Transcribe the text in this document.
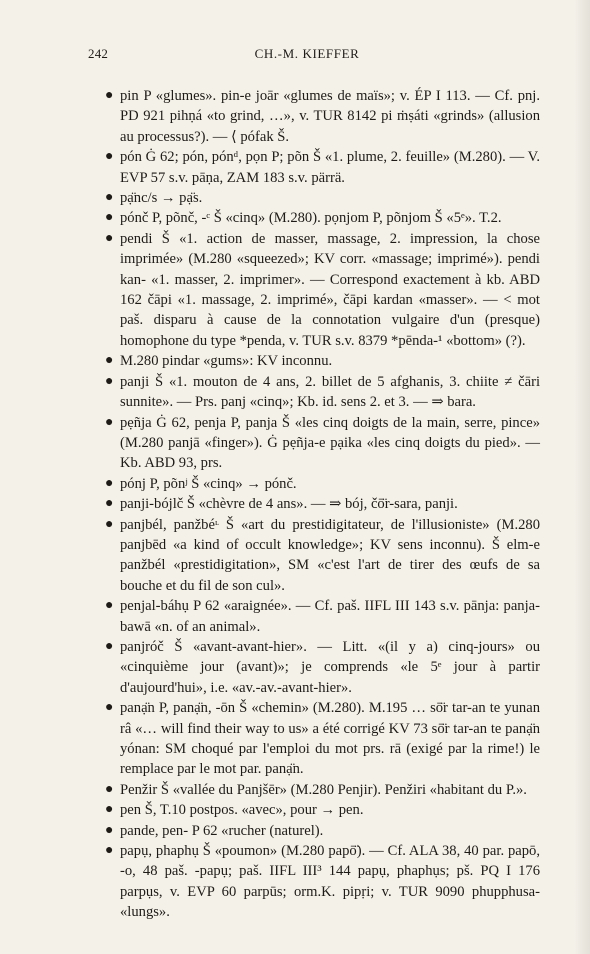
242	CH.-M. KIEFFER
● pin P «glumes». pin-e joār «glumes de maïs»; v. ÉP I 113. — Cf. pnj. PD 921 pihṇá «to grind, …», v. TUR 8142 pi ṁṣáti «grinds» (allusion au processus?). — ⟨ pófak Š.
● pón Ġ 62; pón, pónᵈ, pọn P; põn Š «1. plume, 2. feuille» (M.280). — V. EVP 57 s.v. pāṇa, ZAM 183 s.v. pärrä.
● pạ̈nc/s → pạ̈s.
● pónč P, põnč, -ᶜ Š «cinq» (M.280). pọnjom P, põnjom Š «5ᵉ». T.2.
● pendi Š «1. action de masser, massage, 2. impression, la chose imprimée» (M.280 «squeezed»; KV corr. «massage; imprimé»). pendi kan- «1. masser, 2. imprimer». — Correspond exactement à kb. ABD 162 čāpi «1. massage, 2. imprimé», čāpi kardan «masser». — < mot paš. disparu à cause de la connotation vulgaire d'un (presque) homophone du type *penda, v. TUR s.v. 8379 *pēnda-¹ «bottom» (?).
● M.280 pindar «gums»: KV inconnu.
● panji Š «1. mouton de 4 ans, 2. billet de 5 afghanis, 3. chiite ≠ čāri sunnite». — Prs. panj «cinq»; Kb. id. sens 2. et 3. — ⇒ bara.
● pẹñja Ġ 62, penja P, panja Š «les cinq doigts de la main, serre, pince» (M.280 panjā «finger»). Ġ pẹñja-e pạika «les cinq doigts du pied». — Kb. ABD 93, prs.
● pónj P, põnʲ Š «cinq» → pónč.
● panji-bójlč Š «chèvre de 4 ans». — ⇒ bój, čō̈r-sara, panji.
● panjbél, panžbéᶫ Š «art du prestidigitateur, de l'illusioniste» (M.280 panjbēd «a kind of occult knowledge»; KV sens inconnu). Š elm-e panžbél «prestidigitation», SM «c'est l'art de tirer des œufs de sa bouche et du fil de son cul».
● penjal-báhụ P 62 «araignée». — Cf. paš. IIFL III 143 s.v. pānja: panja-bawā «n. of an animal».
● panjróč Š «avant-avant-hier». — Litt. «(il y a) cinq-jours» ou «cinquième jour (avant)»; je comprends «le 5ᵉ jour à partir d'aujourd'hui», i.e. «av.-av.-avant-hier».
● panạ̈n P, panạ̈n, -ōn Š «chemin» (M.280). M.195 … sō̈r tar-an te yunan râ «… will find their way to us» a été corrigé KV 73 sō̈r tar-an te panạ̈n yónan: SM choqué par l'emploi du mot prs. rā (exigé par la rime!) le remplace par le mot par. panạ̈n.
● Penžir Š «vallée du Panjšēr» (M.280 Penjir). Penžiri «habitant du P.».
● pen Š, T.10 postpos. «avec», pour → pen.
● pande, pen- P 62 «rucher (naturel).
● papụ, phaphụ Š «poumon» (M.280 papō̈). — Cf. ALA 38, 40 par. papō, -o, 48 paš. -papụ; paš. IIFL III³ 144 papụ, phaphụs; pš. PQ I 176 parpụs, v. EVP 60 parpūs; orm.K. pipṛi; v. TUR 9090 phupphusa- «lungs».
